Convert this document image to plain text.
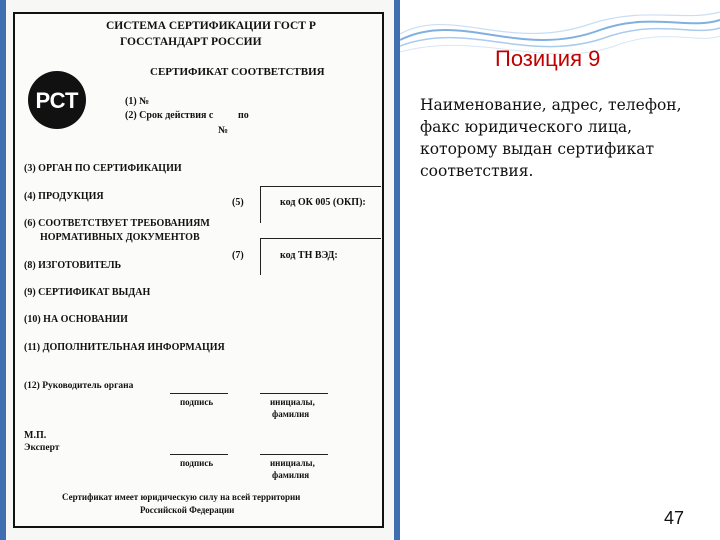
СИСТЕМА СЕРТИФИКАЦИИ ГОСТ Р
ГОССТАНДАРТ РОССИИ
СЕРТИФИКАТ СООТВЕТСТВИЯ
РСТ	(1) №
(2) Срок действия с по
№
(3) ОРГАН ПО СЕРТИФИКАЦИИ
(4) ПРОДУКЦИЯ
(5)	код ОК 005 (ОКП):
(6) СООТВЕТСТВУЕТ ТРЕБОВАНИЯМ
НОРМАТИВНЫХ ДОКУМЕНТОВ
(7)	код ТН ВЭД:
(8) ИЗГОТОВИТЕЛЬ
(9) СЕРТИФИКАТ ВЫДАН
(10) НА ОСНОВАНИИ
(11) ДОПОЛНИТЕЛЬНАЯ ИНФОРМАЦИЯ
(12) Руководитель органа
подпись	инициалы,
фамилия
М.П.
Эксперт
подпись	инициалы,
фамилия
Сертификат имеет юридическую силу на всей территории
Российской Федерации
Позиция 9
Наименование, адрес, телефон, факс юридического лица, которому выдан сертификат соответствия.
47
